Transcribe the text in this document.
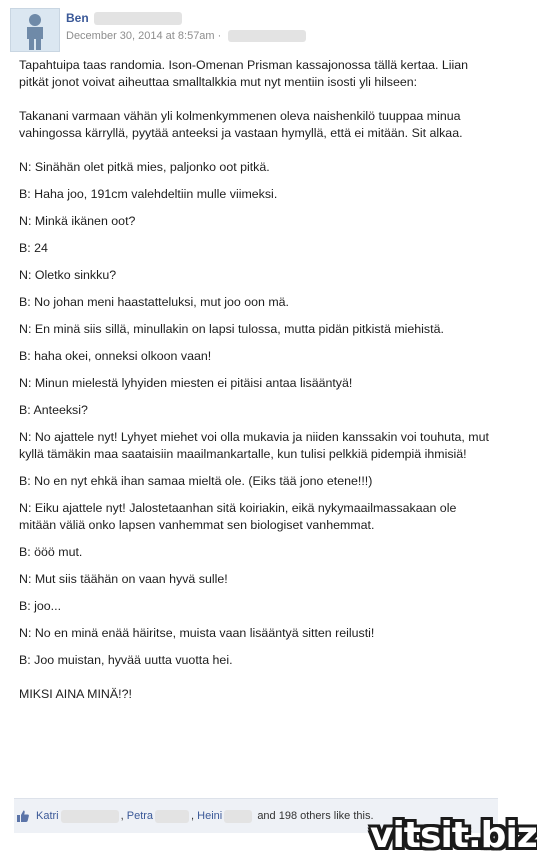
Ben
December 30, 2014 at 8:57am ·

Tapahtuipa taas randomia. Ison-Omenan Prisman kassajonossa tällä kertaa. Liian pitkät jonot voivat aiheuttaa smalltalkkia mut nyt mentiin isosti yli hilseen:

Takanani varmaan vähän yli kolmenkymmenen oleva naishenkilö tuuppaa minua vahingossa kärryllä, pyytää anteeksi ja vastaan hymyllä, että ei mitään. Sit alkaa.

N: Sinähän olet pitkä mies, paljonko oot pitkä.

B: Haha joo, 191cm valehdeltiin mulle viimeksi.

N: Minkä ikänen oot?

B: 24

N: Oletko sinkku?

B: No johan meni haastatteluksi, mut joo oon mä.

N: En minä siis sillä, minullakin on lapsi tulossa, mutta pidän pitkistä miehistä.

B: haha okei, onneksi olkoon vaan!

N: Minun mielestä lyhyiden miesten ei pitäisi antaa lisääntyä!

B: Anteeksi?

N: No ajattele nyt! Lyhyet miehet voi olla mukavia ja niiden kanssakin voi touhuta, mut kyllä tämäkin maa saataisiin maailmankartalle, kun tulisi pelkkiä pidempiä ihmisiä!

B: No en nyt ehkä ihan samaa mieltä ole. (Eiks tää jono etene!!!)

N: Eiku ajattele nyt! Jalostetaanhan sitä koiriakin, eikä nykymaailmassakaan ole mitään väliä onko lapsen vanhemmat sen biologiset vanhemmat.

B: ööö mut.

N: Mut siis täähän on vaan hyvä sulle!

B: joo...

N: No en minä enää häiritse, muista vaan lisääntyä sitten reilusti!

B: Joo muistan, hyvää uutta vuotta hei.

MIKSI AINA MINÄ!?!

Katri	, Petra	, Heini	and 198 others like this.
vitsit.biz
